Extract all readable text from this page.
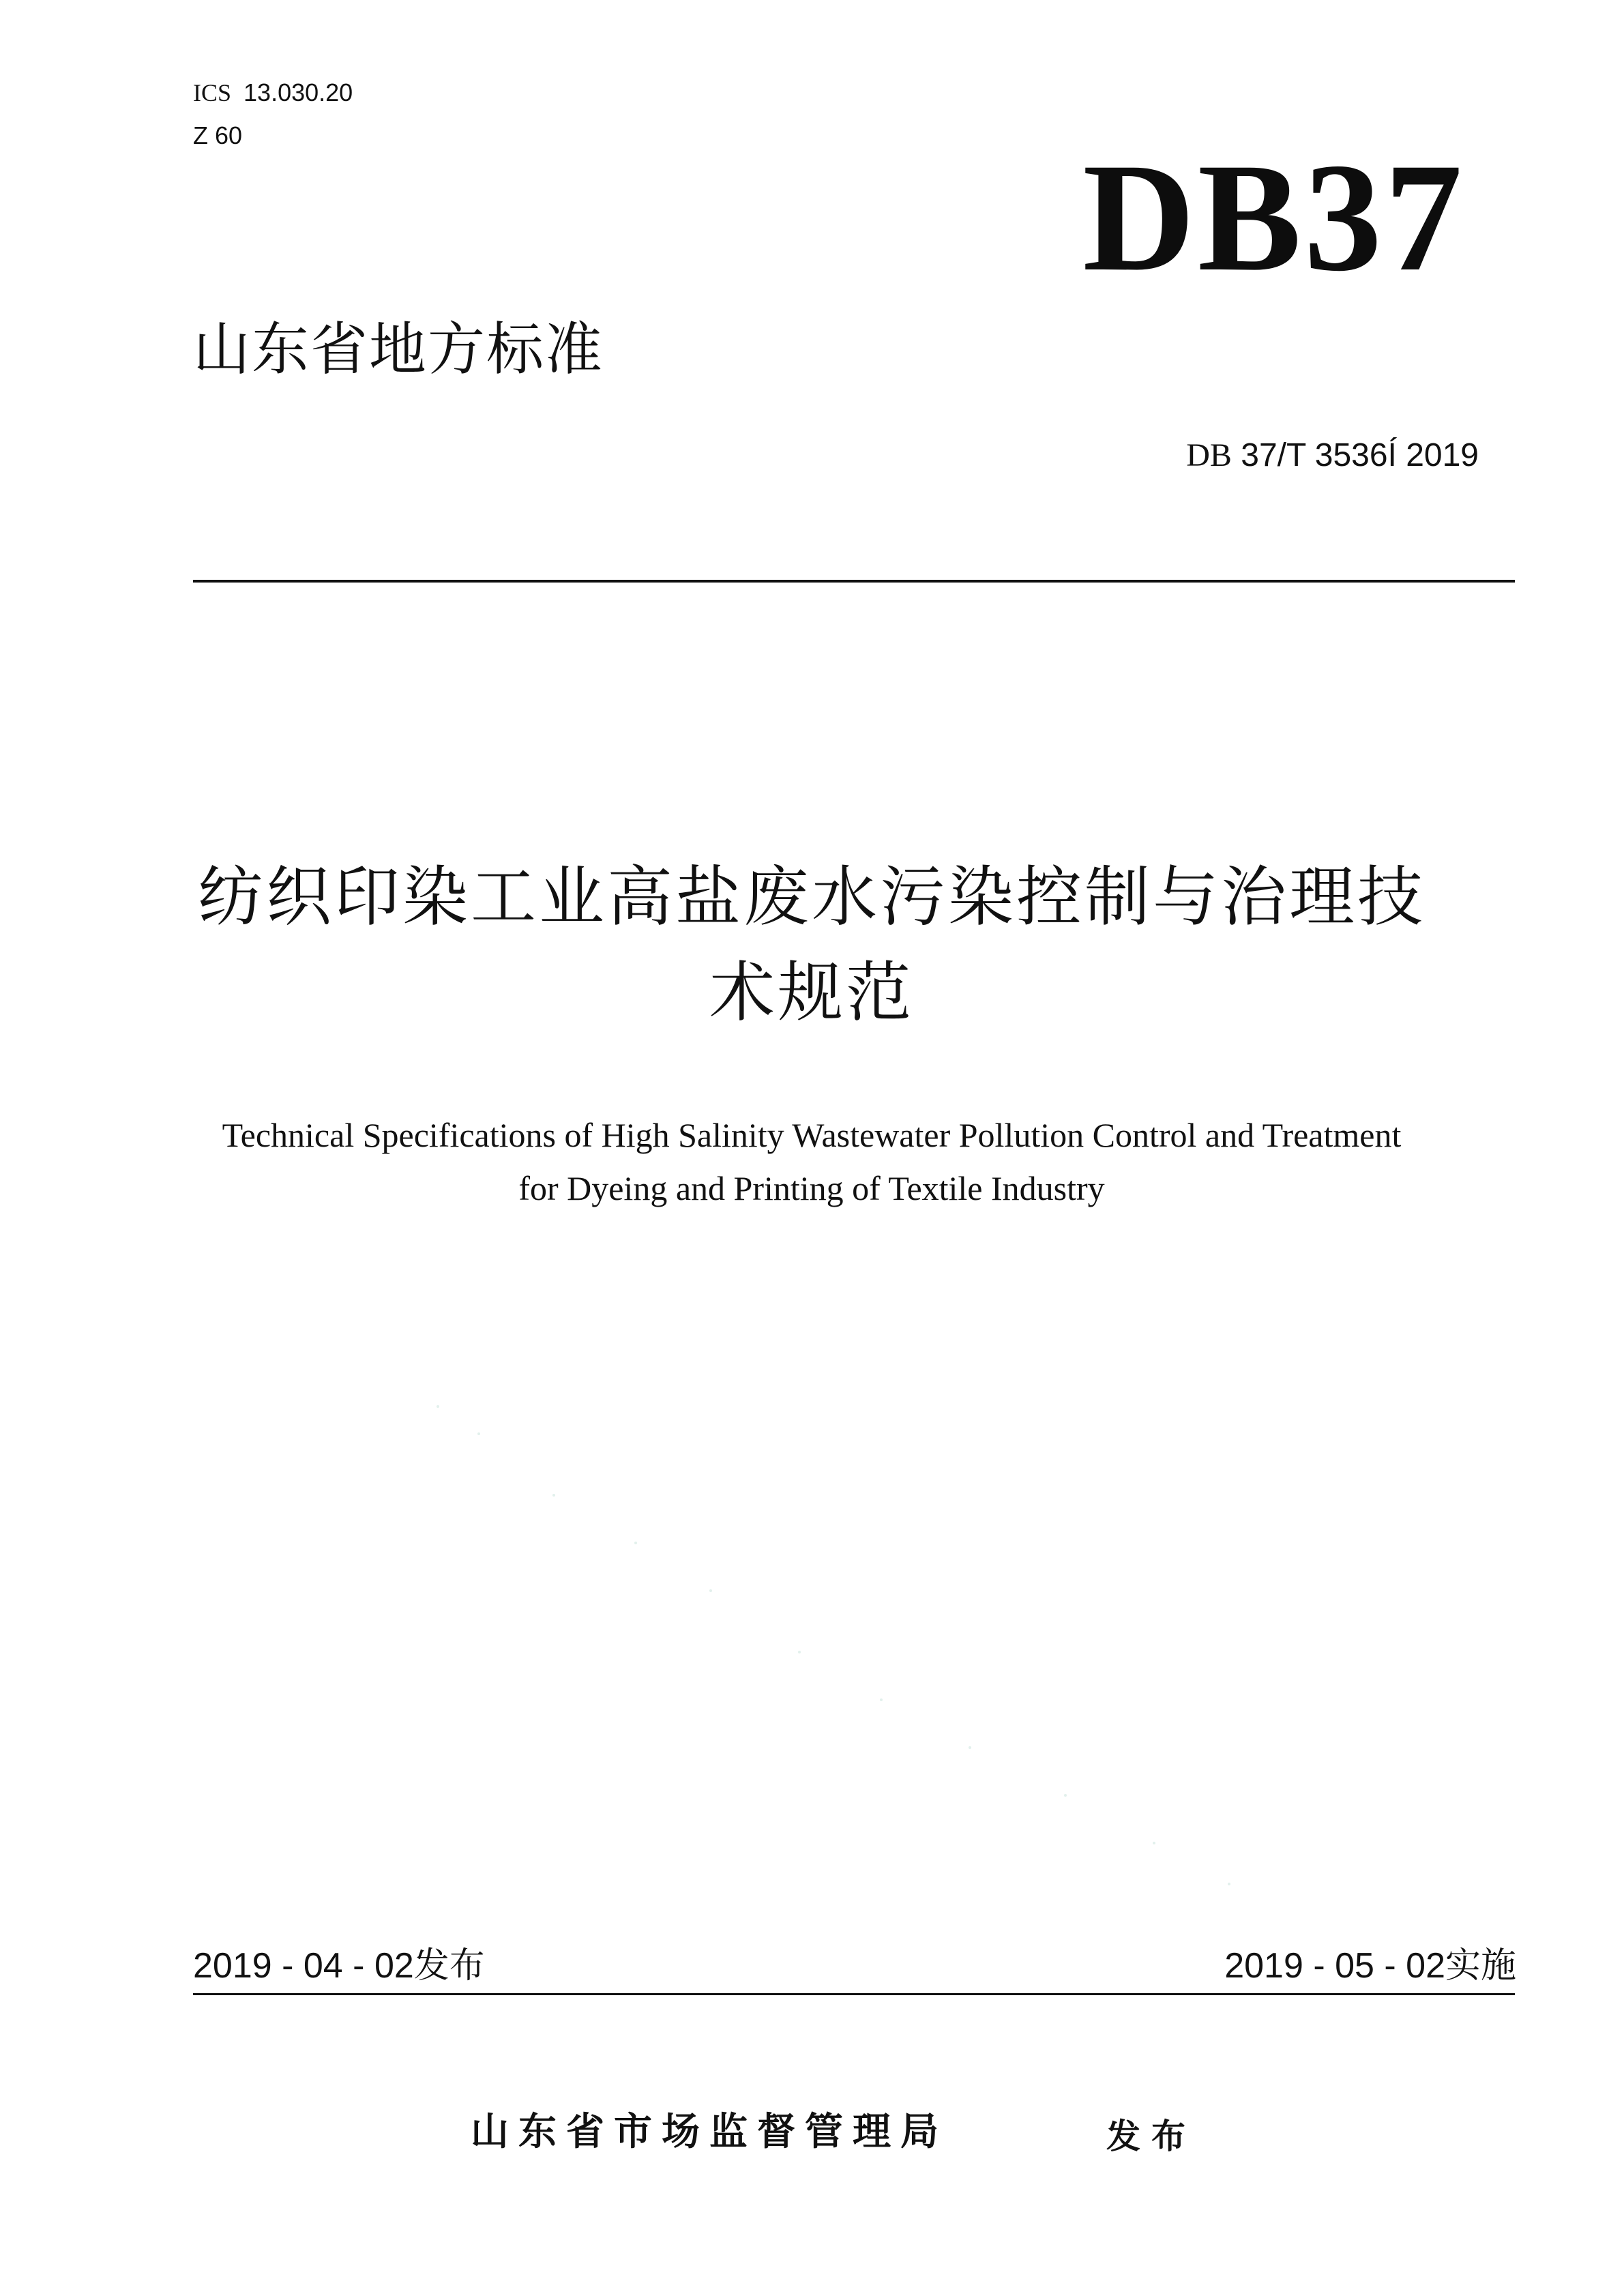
ICS 13.030.20
Z 60	DB37
山东省地方标准
DB 37/T 3536Í 2019
纺织印染工业高盐废水污染控制与治理技
术规范
Technical Specifications of High Salinity Wastewater Pollution Control and Treatment
for Dyeing and Printing of Textile Industry
2019 - 04 - 02发布	2019 - 05 - 02实施
山东省市场监督管理局	发布
